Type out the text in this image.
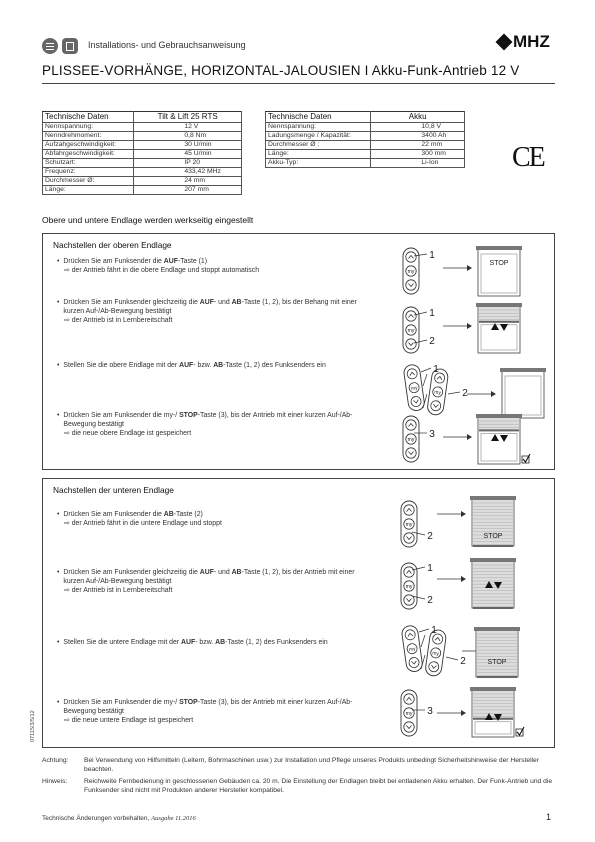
Installations- und Gebrauchsanweisung	MHZ
PLISSEE-VORHÄNGE, HORIZONTAL-JALOUSIEN I Akku-Funk-Antrieb 12 V
Technische Daten	Tilt & Lift 25 RTS
Nennspannung:	12 V
Nenndrehmoment:	0,8 Nm
Aufzahgeschwindigkeit:	30 U/min
Abfahrgeschwindigkeit:	45 U/min
Schutzart:	IP 20
Frequenz:	433,42 MHz
Durchmesser Ø:	24 mm
Länge:	207 mm
Technische Daten	Akku
Nennspannung:	10,8 V
Ladungsmenge / Kapazität:	3400 Ah
Durchmesser Ø :	22 mm
Länge:	300 mm
Akku-Typ:	Li-Ion	CE
Obere und untere Endlage werden werkseitig eingestellt
Nachstellen der oberen Endlage
• Drücken Sie am Funksender die AUF-Taste (1)
⇨ der Antrieb fährt in die obere Endlage und stoppt automatisch
• Drücken Sie am Funksender gleichzeitig die AUF- und AB-Taste (1, 2), bis der Behang mit einer kurzen Auf-/Ab-Bewegung bestätigt
⇨ der Antrieb ist in Lernbereitschaft
• Stellen Sie die obere Endlage mit der AUF- bzw. AB-Taste (1, 2) des Funksenders ein
• Drücken Sie am Funksender die my-/ STOP-Taste (3), bis der Antrieb mit einer kurzen Auf-/Ab-Bewegung bestätigt
⇨ die neue obere Endlage ist gespeichert
Nachstellen der unteren Endlage
• Drücken Sie am Funksender die AB-Taste (2)
⇨ der Antrieb fährt in die untere Endlage und stoppt
• Drücken Sie am Funksender gleichzeitig die AUF- und AB-Taste (1, 2), bis der Antrieb mit einer kurzen Auf-/Ab-Bewegung bestätigt
⇨ der Antrieb ist in Lernbereitschaft
• Stellen Sie die untere Endlage mit der AUF- bzw. AB-Taste (1, 2) des Funksenders ein
• Drücken Sie am Funksender die my-/ STOP-Taste (3), bis der Antrieb mit einer kurzen Auf-/Ab-Bewegung bestätigt
⇨ die neue untere Endlage ist gespeichert
my
1
STOP
my
1
2
my
my
1
2
my 3
my
2	STOP
my
1
2
my
my
1
2	STOP
my 3
Achtung:	Bei Verwendung von Hilfsmitteln (Leitern, Bohrmaschinen usw.) zur Installation und Pflege unseres Produkts unbedingt Sicherheitshinweise der Hersteller beachten.
Hinweis:	Reichweite Fernbedienung in geschlossenen Gebäuden ca. 20 m. Die Einstellung der Endlagen bleibt bei entladenen Akku erhalten. Der Funk-Antrieb und die Funksender sind nicht mit Produkten anderer Hersteller kompatibel.
Technische Änderungen vorbehalten, Ausgabe 11.2016	1
07115/3/5/12
